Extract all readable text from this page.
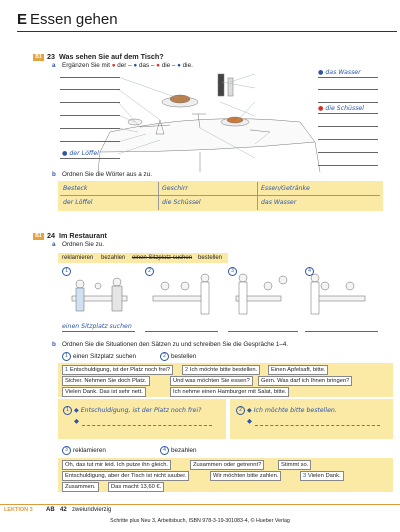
E Essen gehen
B1 23 Was sehen Sie auf dem Tisch?
a Ergänzen Sie mit ● der – ● das – ● die – ● die.
● der Löffel
● das Wasser
● die Schüssel
b Ordnen Sie die Wörter aus a zu.
Besteck	Geschirr	Essen/Getränke
der Löffel	die Schüssel	das Wasser
B1 24 Im Restaurant
a Ordnen Sie zu.
reklamieren bezahlen einen Sitzplatz suchen bestellen
1	2	3	4
einen Sitzplatz suchen
b Ordnen Sie die Situationen den Sätzen zu und schreiben Sie die Gespräche 1–4.
1 einen Sitzplatz suchen	2 bestellen
1 Entschuldigung, ist der Platz noch frei?	2 Ich möchte bitte bestellen.	Einen Apfelsaft, bitte.
Sicher. Nehmen Sie doch Platz.	Und was möchten Sie essen?	Gern. Was darf ich Ihnen bringen?
Vielen Dank. Das ist sehr nett.	Ich nehme einen Hamburger mit Salat, bitte.
1 ◆ Entschuldigung, ist der Platz noch frei?
◆
2 ◆ Ich möchte bitte bestellen.
◆
3 reklamieren	4 bezahlen
Oh, das tut mir leid. Ich putze ihn gleich.	Zusammen oder getrennt?	Stimmt so.
Entschuldigung, aber der Tisch ist nicht sauber.	Wir möchten bitte zahlen.	3 Vielen Dank.
Zusammen.	Das macht 13,60 €.
LEKTION 3 AB 42 zweiundvierzig
Schritte plus Neu 3, Arbeitsbuch, ISBN 978-3-19-301083-4, © Hueber Verlag
